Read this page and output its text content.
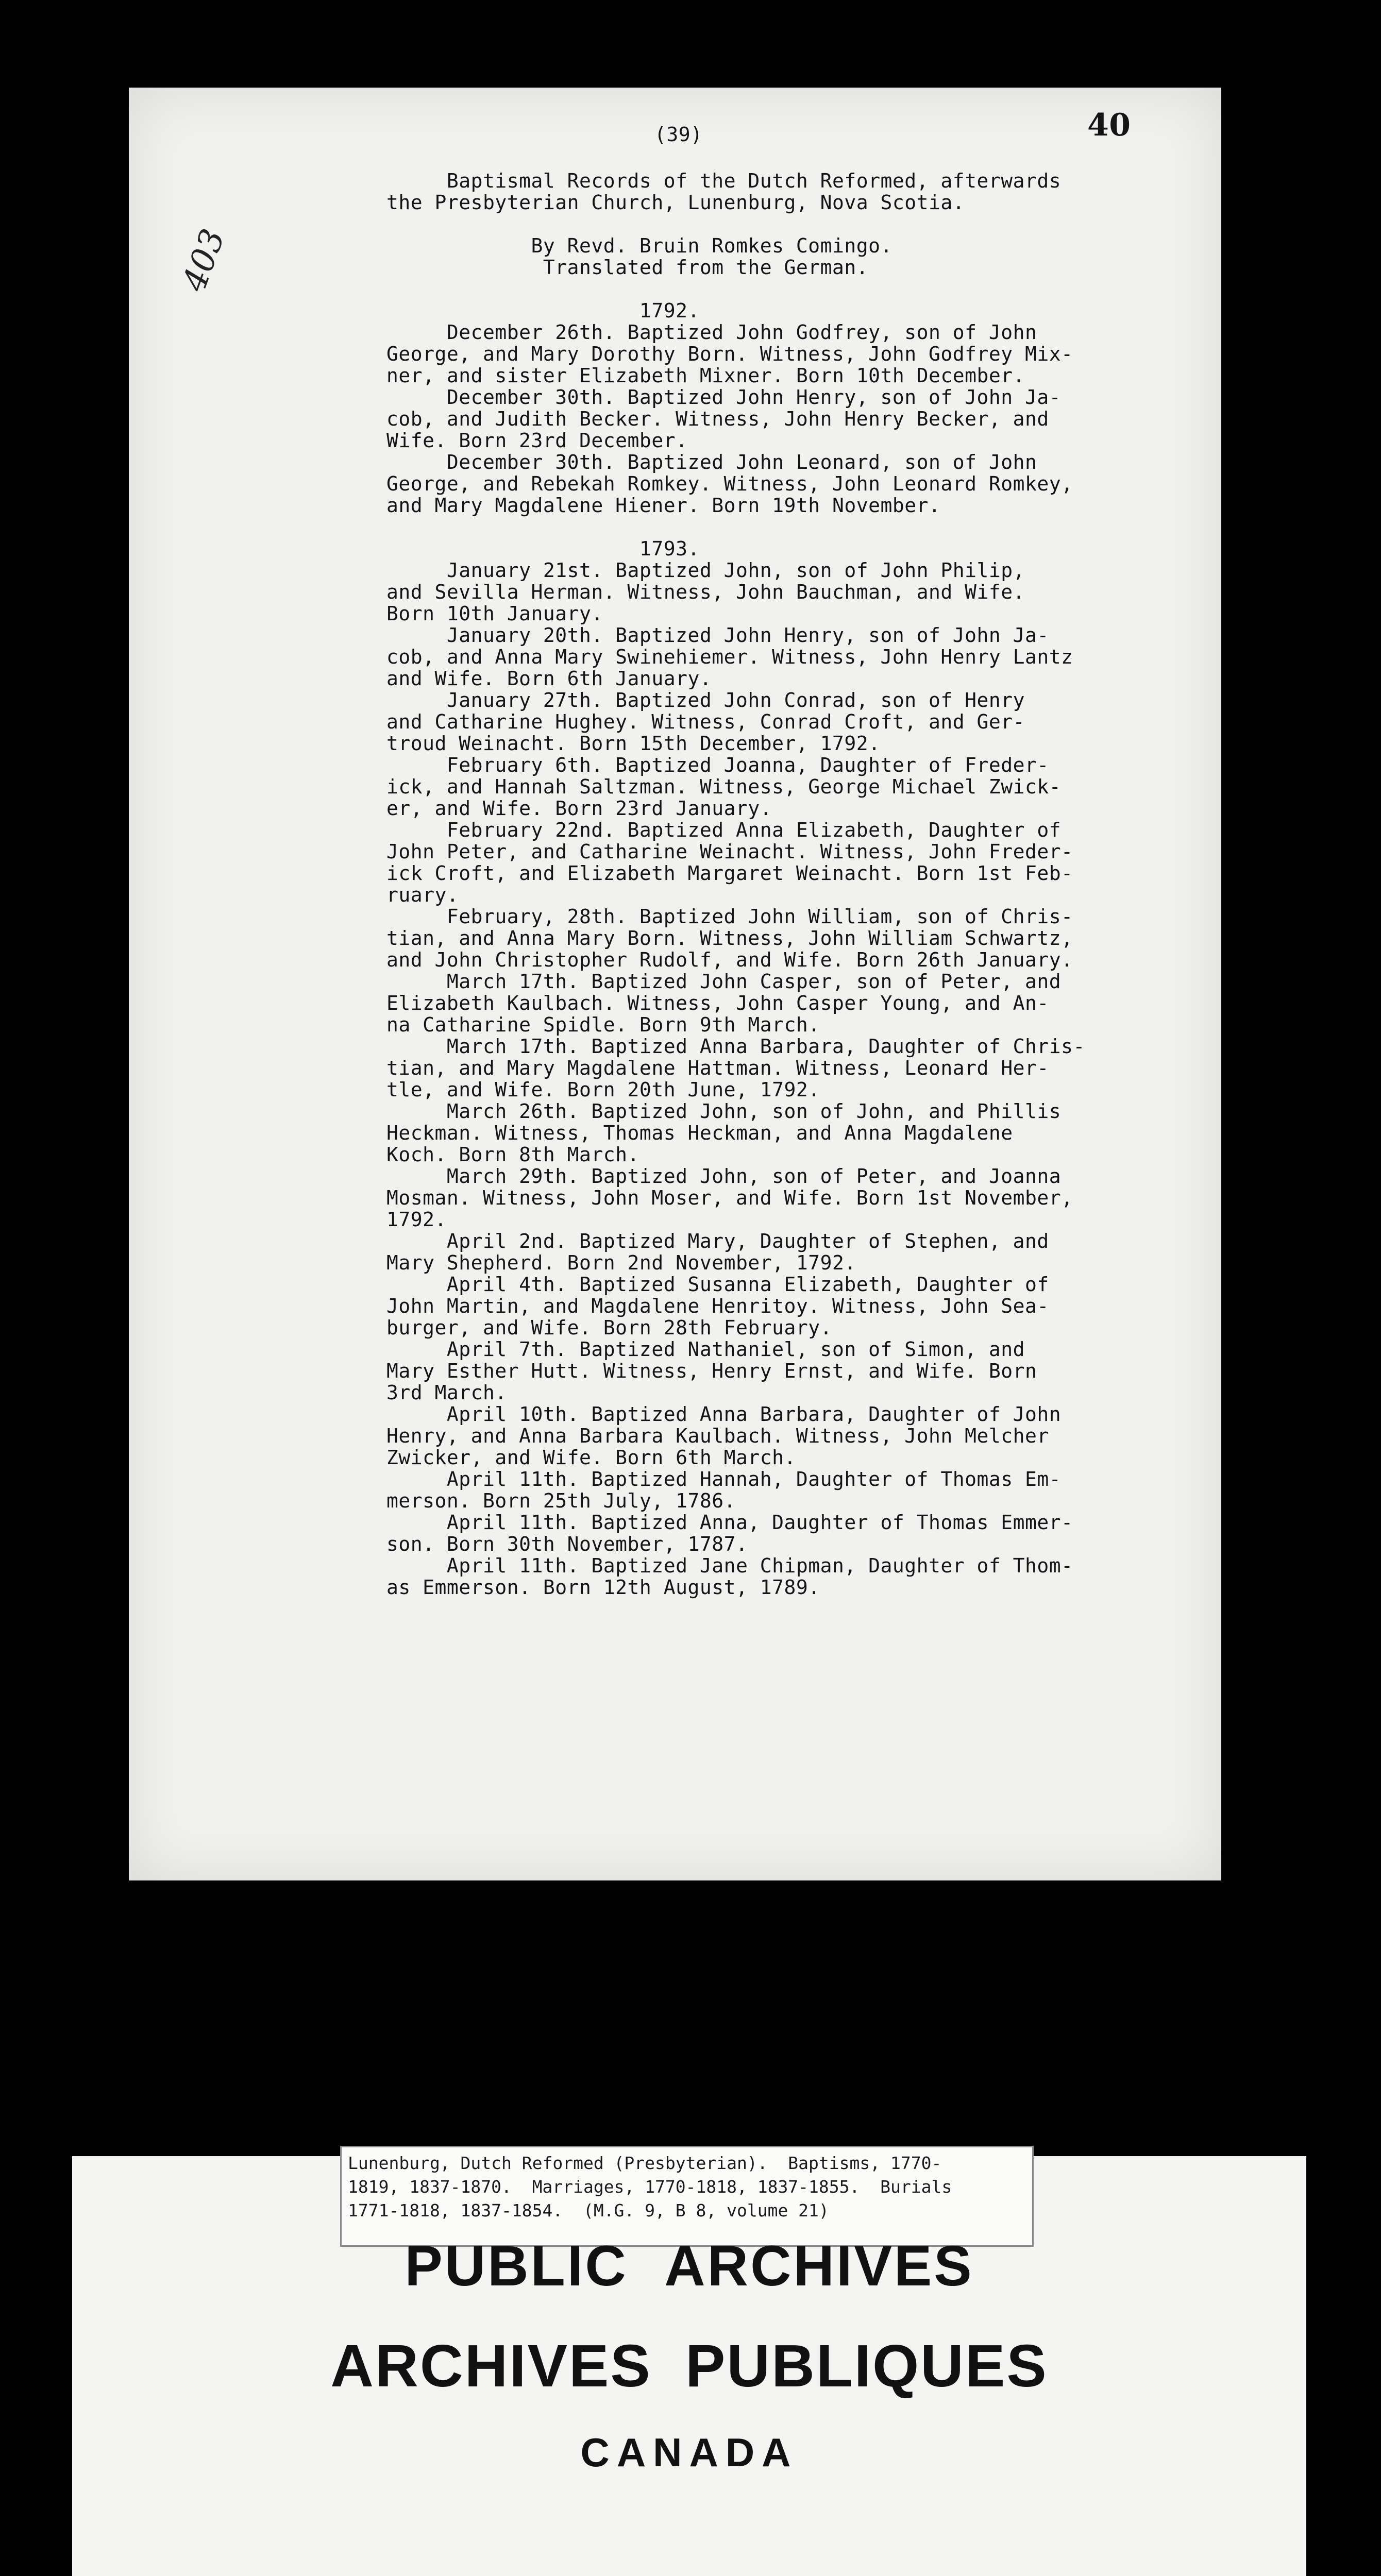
(39)	40
403
Baptismal Records of the Dutch Reformed, afterwards
the Presbyterian Church, Lunenburg, Nova Scotia.

By Revd. Bruin Romkes Comingo.
Translated from the German.

1792.
December 26th. Baptized John Godfrey, son of John
George, and Mary Dorothy Born. Witness, John Godfrey Mix-
ner, and sister Elizabeth Mixner. Born 10th December.
December 30th. Baptized John Henry, son of John Ja-
cob, and Judith Becker. Witness, John Henry Becker, and
Wife. Born 23rd December.
December 30th. Baptized John Leonard, son of John
George, and Rebekah Romkey. Witness, John Leonard Romkey,
and Mary Magdalene Hiener. Born 19th November.

1793.
January 21st. Baptized John, son of John Philip,
and Sevilla Herman. Witness, John Bauchman, and Wife.
Born 10th January.
January 20th. Baptized John Henry, son of John Ja-
cob, and Anna Mary Swinehiemer. Witness, John Henry Lantz
and Wife. Born 6th January.
January 27th. Baptized John Conrad, son of Henry
and Catharine Hughey. Witness, Conrad Croft, and Ger-
troud Weinacht. Born 15th December, 1792.
February 6th. Baptized Joanna, Daughter of Freder-
ick, and Hannah Saltzman. Witness, George Michael Zwick-
er, and Wife. Born 23rd January.
February 22nd. Baptized Anna Elizabeth, Daughter of
John Peter, and Catharine Weinacht. Witness, John Freder-
ick Croft, and Elizabeth Margaret Weinacht. Born 1st Feb-
ruary.
February, 28th. Baptized John William, son of Chris-
tian, and Anna Mary Born. Witness, John William Schwartz,
and John Christopher Rudolf, and Wife. Born 26th January.
March 17th. Baptized John Casper, son of Peter, and
Elizabeth Kaulbach. Witness, John Casper Young, and An-
na Catharine Spidle. Born 9th March.
March 17th. Baptized Anna Barbara, Daughter of Chris-
tian, and Mary Magdalene Hattman. Witness, Leonard Her-
tle, and Wife. Born 20th June, 1792.
March 26th. Baptized John, son of John, and Phillis
Heckman. Witness, Thomas Heckman, and Anna Magdalene
Koch. Born 8th March.
March 29th. Baptized John, son of Peter, and Joanna
Mosman. Witness, John Moser, and Wife. Born 1st November,
1792.
April 2nd. Baptized Mary, Daughter of Stephen, and
Mary Shepherd. Born 2nd November, 1792.
April 4th. Baptized Susanna Elizabeth, Daughter of
John Martin, and Magdalene Henritoy. Witness, John Sea-
burger, and Wife. Born 28th February.
April 7th. Baptized Nathaniel, son of Simon, and
Mary Esther Hutt. Witness, Henry Ernst, and Wife. Born
3rd March.
April 10th. Baptized Anna Barbara, Daughter of John
Henry, and Anna Barbara Kaulbach. Witness, John Melcher
Zwicker, and Wife. Born 6th March.
April 11th. Baptized Hannah, Daughter of Thomas Em-
merson. Born 25th July, 1786.
April 11th. Baptized Anna, Daughter of Thomas Emmer-
son. Born 30th November, 1787.
April 11th. Baptized Jane Chipman, Daughter of Thom-
as Emmerson. Born 12th August, 1789.
Lunenburg, Dutch Reformed (Presbyterian).  Baptisms, 1770-
1819, 1837-1870.  Marriages, 1770-1818, 1837-1855.  Burials
1771-1818, 1837-1854.  (M.G. 9, B 8, volume 21)
PUBLIC ARCHIVES
ARCHIVES PUBLIQUES
CANADA
